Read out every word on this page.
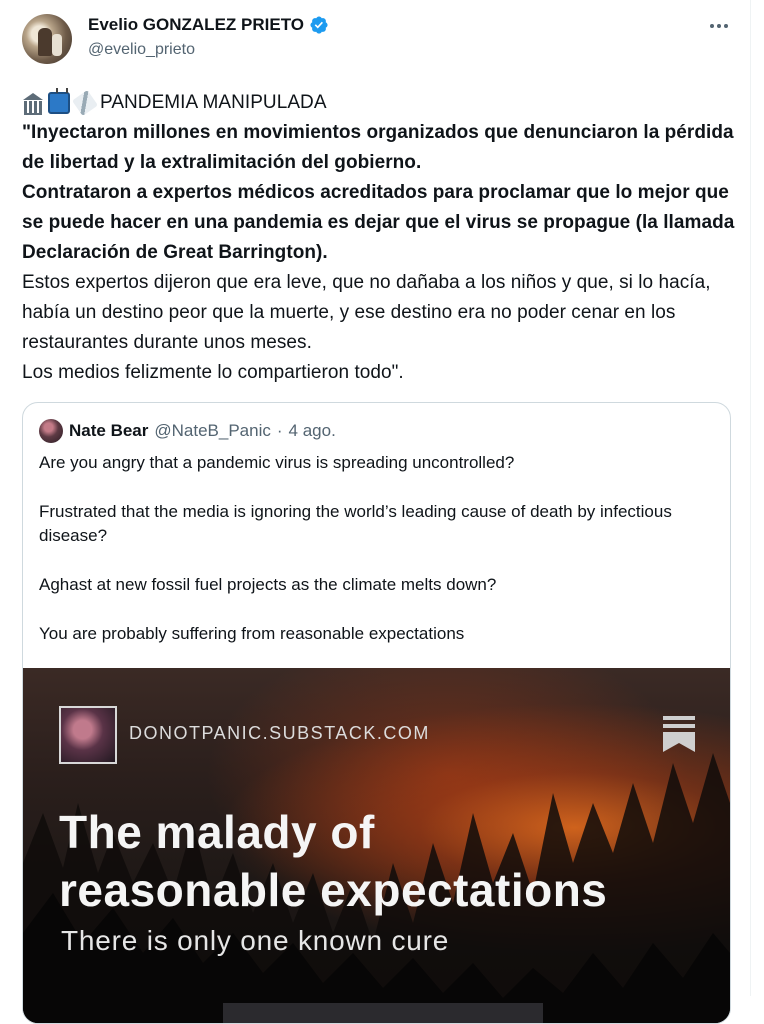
Evelio GONZALEZ PRIETO
@evelio_prieto
PANDEMIA MANIPULADA

"Inyectaron millones en movimientos organizados que denunciaron la pérdida de libertad y la extralimitación del gobierno.

Contrataron a expertos médicos acreditados para proclamar que lo mejor que se puede hacer en una pandemia es dejar que el virus se propague (la llamada Declaración de Great Barrington).

Estos expertos dijeron que era leve, que no dañaba a los niños y que, si lo hacía, había un destino peor que la muerte, y ese destino era no poder cenar en los restaurantes durante unos meses.

Los medios felizmente lo compartieron todo".

Nate Bear @NateB_Panic · 4 ago.

Are you angry that a pandemic virus is spreading uncontrolled?

Frustrated that the media is ignoring the world’s leading cause of death by infectious disease?

Aghast at new fossil fuel projects as the climate melts down?

You are probably suffering from reasonable expectations

DONOTPANIC.SUBSTACK.COM
The malady of
reasonable expectations
There is only one known cure
